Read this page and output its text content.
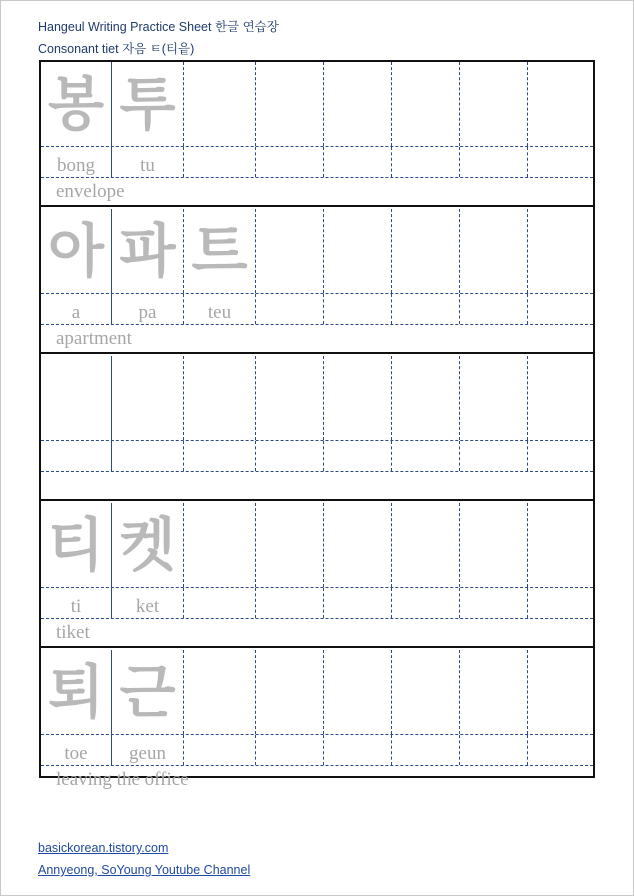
Hangeul Writing Practice Sheet 한글 연습장
Consonant tiet 자음 ㅌ(티읕)
봉 투
bong tu
envelope
아 파 트
a	pa	teu
apartment
티 켓
ti	ket
tiket
퇴 근
toe geun
leaving the office
basickorean.tistory.com
Annyeong, SoYoung Youtube Channel
